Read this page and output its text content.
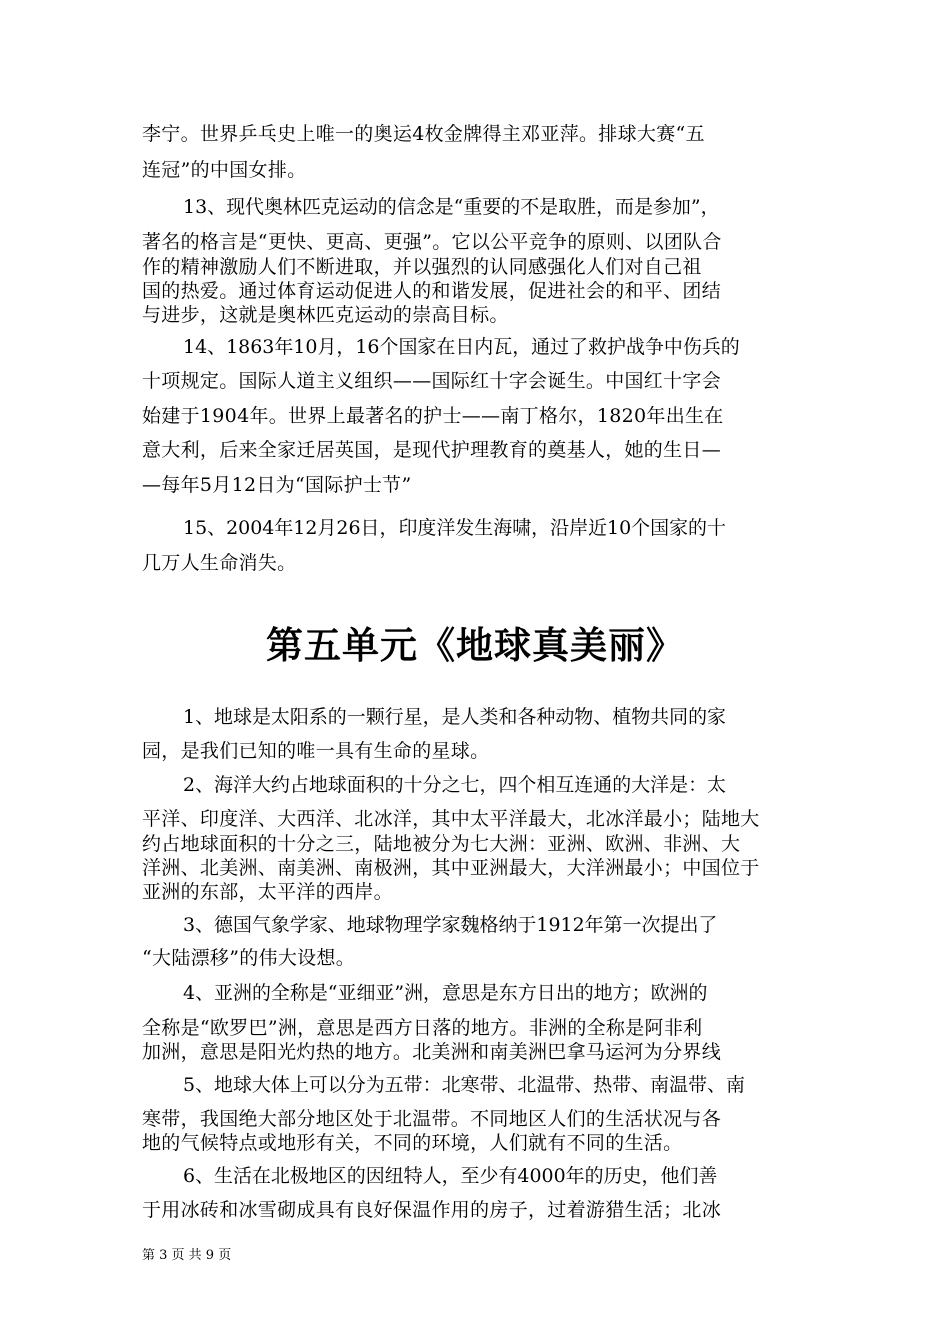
李宁。世界乒乓史上唯一的奥运4枚金牌得主邓亚萍。排球大赛“五
连冠”的中国女排。
13、现代奥林匹克运动的信念是“重要的不是取胜，而是参加”，
著名的格言是“更快、更高、更强”。它以公平竞争的原则、以团队合
作的精神激励人们不断进取，并以强烈的认同感强化人们对自己祖
国的热爱。通过体育运动促进人的和谐发展，促进社会的和平、团结
与进步，这就是奥林匹克运动的崇高目标。
14、1863年10月，16个国家在日内瓦，通过了救护战争中伤兵的
十项规定。国际人道主义组织——国际红十字会诞生。中国红十字会
始建于1904年。世界上最著名的护士——南丁格尔，1820年出生在
意大利，后来全家迁居英国，是现代护理教育的奠基人，她的生日—
—每年5月12日为“国际护士节”
15、2004年12月26日，印度洋发生海啸，沿岸近10个国家的十
几万人生命消失。
第五单元《地球真美丽》
1、地球是太阳系的一颗行星，是人类和各种动物、植物共同的家
园，是我们已知的唯一具有生命的星球。
2、海洋大约占地球面积的十分之七，四个相互连通的大洋是：太
平洋、印度洋、大西洋、北冰洋，其中太平洋最大，北冰洋最小；陆地大
约占地球面积的十分之三，陆地被分为七大洲：亚洲、欧洲、非洲、大
洋洲、北美洲、南美洲、南极洲，其中亚洲最大，大洋洲最小；中国位于
亚洲的东部，太平洋的西岸。
3、德国气象学家、地球物理学家魏格纳于1912年第一次提出了
“大陆漂移”的伟大设想。
4、亚洲的全称是“亚细亚”洲，意思是东方日出的地方；欧洲的
全称是“欧罗巴”洲，意思是西方日落的地方。非洲的全称是阿非利
加洲，意思是阳光灼热的地方。北美洲和南美洲巴拿马运河为分界线
5、地球大体上可以分为五带：北寒带、北温带、热带、南温带、南
寒带，我国绝大部分地区处于北温带。不同地区人们的生活状况与各
地的气候特点或地形有关，不同的环境，人们就有不同的生活。
6、生活在北极地区的因纽特人，至少有4000年的历史，他们善
于用冰砖和冰雪砌成具有良好保温作用的房子，过着游猎生活；北冰
第 3 页 共 9 页
